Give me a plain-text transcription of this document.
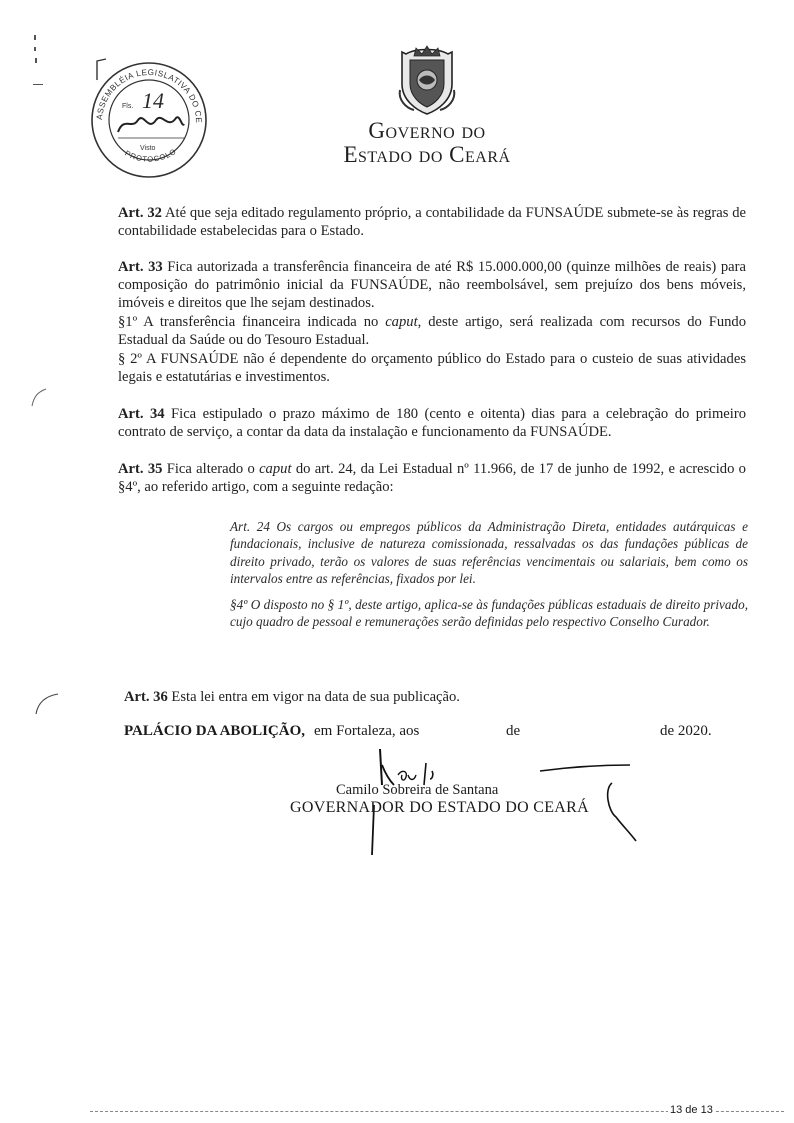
ASSEMBLÉIA LEGISLATIVA DO CE
PROTOCOLO
Fls. 14
Visto
Governo do
Estado do Ceará
Art. 32 Até que seja editado regulamento próprio, a contabilidade da FUNSAÚDE submete-se às regras de contabilidade estabelecidas para o Estado.
Art. 33 Fica autorizada a transferência financeira de até R$ 15.000.000,00 (quinze milhões de reais) para composição do patrimônio inicial da FUNSAÚDE, não reembolsável, sem prejuízo dos bens móveis, imóveis e direitos que lhe sejam destinados.
§1º A transferência financeira indicada no caput, deste artigo, será realizada com recursos do Fundo Estadual da Saúde ou do Tesouro Estadual.
§ 2º A FUNSAÚDE não é dependente do orçamento público do Estado para o custeio de suas atividades legais e estatutárias e investimentos.
Art. 34 Fica estipulado o prazo máximo de 180 (cento e oitenta) dias para a celebração do primeiro contrato de serviço, a contar da data da instalação e funcionamento da FUNSAÚDE.
Art. 35 Fica alterado o caput do art. 24, da Lei Estadual nº 11.966, de 17 de junho de 1992, e acrescido o §4º, ao referido artigo, com a seguinte redação:
Art. 24 Os cargos ou empregos públicos da Administração Direta, entidades autárquicas e fundacionais, inclusive de natureza comissionada, ressalvadas os das fundações públicas de direito privado, terão os valores de suas referências vencimentais ou salariais, bem como os intervalos entre as referências, fixados por lei.
§4º O disposto no § 1º, deste artigo, aplica-se às fundações públicas estaduais de direito privado, cujo quadro de pessoal e remunerações serão definidas pelo respectivo Conselho Curador.
Art. 36 Esta lei entra em vigor na data de sua publicação.
PALÁCIO DA ABOLIÇÃO, em Fortaleza, aos	de	de 2020.
Camilo Sobreira de Santana
GOVERNADOR DO ESTADO DO CEARÁ
13 de 13
